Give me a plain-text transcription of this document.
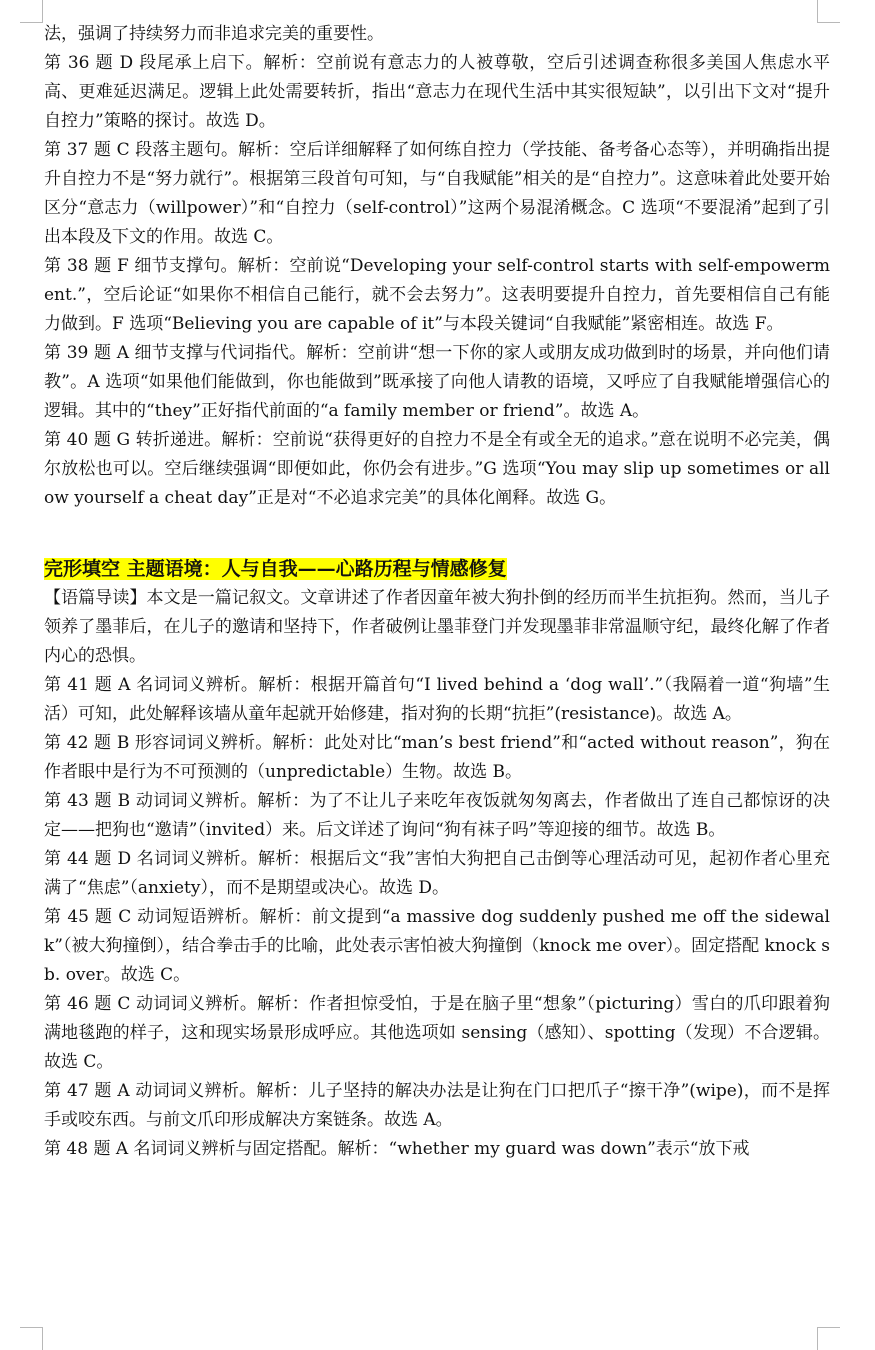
法，强调了持续努力而非追求完美的重要性。

第 36 题 D 段尾承上启下。解析：空前说有意志力的人被尊敬，空后引述调查称很多美国人焦虑水平高、更难延迟满足。逻辑上此处需要转折，指出“意志力在现代生活中其实很短缺”，以引出下文对“提升自控力”策略的探讨。故选 D。

第 37 题 C 段落主题句。解析：空后详细解释了如何练自控力（学技能、备考备心态等），并明确指出提升自控力不是“努力就行”。根据第三段首句可知，与“自我赋能”相关的是“自控力”。这意味着此处要开始区分“意志力（willpower）”和“自控力（self-control）”这两个易混淆概念。C 选项“不要混淆”起到了引出本段及下文的作用。故选 C。

第 38 题 F 细节支撑句。解析：空前说“Developing your self-control starts with self-empowerment.”，空后论证“如果你不相信自己能行，就不会去努力”。这表明要提升自控力，首先要相信自己有能力做到。F 选项“Believing you are capable of it”与本段关键词“自我赋能”紧密相连。故选 F。

第 39 题 A 细节支撑与代词指代。解析：空前讲“想一下你的家人或朋友成功做到时的场景，并向他们请教”。A 选项“如果他们能做到，你也能做到”既承接了向他人请教的语境，又呼应了自我赋能增强信心的逻辑。其中的“they”正好指代前面的“a family member or friend”。故选 A。

第 40 题 G 转折递进。解析：空前说“获得更好的自控力不是全有或全无的追求。”意在说明不必完美，偶尔放松也可以。空后继续强调“即便如此，你仍会有进步。”G 选项“You may slip up sometimes or allow yourself a cheat day”正是对“不必追求完美”的具体化阐释。故选 G。

完形填空 主题语境：人与自我——心路历程与情感修复

【语篇导读】本文是一篇记叙文。文章讲述了作者因童年被大狗扑倒的经历而半生抗拒狗。然而，当儿子领养了墨菲后，在儿子的邀请和坚持下，作者破例让墨菲登门并发现墨菲非常温顺守纪，最终化解了作者内心的恐惧。

第 41 题 A 名词词义辨析。解析：根据开篇首句“I lived behind a ‘dog wall’.”（我隔着一道“狗墙”生活）可知，此处解释该墙从童年起就开始修建，指对狗的长期“抗拒”(resistance)。故选 A。

第 42 题 B 形容词词义辨析。解析：此处对比“man’s best friend”和“acted without reason”，狗在作者眼中是行为不可预测的（unpredictable）生物。故选 B。

第 43 题 B 动词词义辨析。解析：为了不让儿子来吃年夜饭就匆匆离去，作者做出了连自己都惊讶的决定——把狗也“邀请”（invited）来。后文详述了询问“狗有袜子吗”等迎接的细节。故选 B。

第 44 题 D 名词词义辨析。解析：根据后文“我”害怕大狗把自己击倒等心理活动可见，起初作者心里充满了“焦虑”（anxiety），而不是期望或决心。故选 D。

第 45 题 C 动词短语辨析。解析：前文提到“a massive dog suddenly pushed me off the sidewalk”（被大狗撞倒），结合拳击手的比喻，此处表示害怕被大狗撞倒（knock me over）。固定搭配 knock sb. over。故选 C。

第 46 题 C 动词词义辨析。解析：作者担惊受怕，于是在脑子里“想象”（picturing）雪白的爪印跟着狗满地毯跑的样子，这和现实场景形成呼应。其他选项如 sensing（感知）、spotting（发现）不合逻辑。故选 C。

第 47 题 A 动词词义辨析。解析：儿子坚持的解决办法是让狗在门口把爪子“擦干净”(wipe)，而不是挥手或咬东西。与前文爪印形成解决方案链条。故选 A。

第 48 题 A 名词词义辨析与固定搭配。解析：“whether my guard was down”表示“放下戒
